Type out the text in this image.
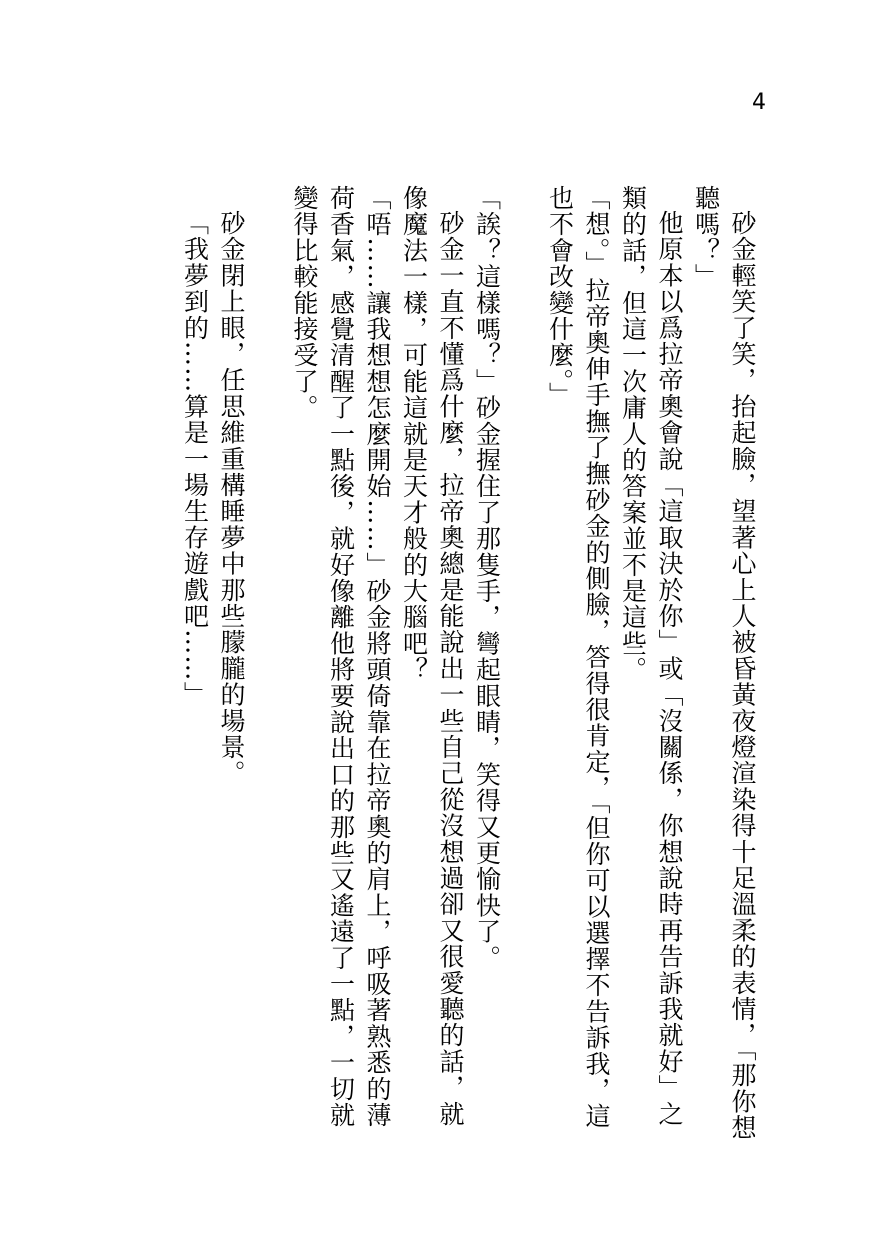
4

砂金輕笑了笑，抬起臉，望著心上人被昏黃夜燈渲染得十足溫柔的表情，「那你想聽嗎？」

他原本以爲拉帝奧會說「這取決於你」或「沒關係，你想說時再告訴我就好」之類的話，但這一次庸人的答案並不是這些。

「想。」拉帝奧伸手撫了撫砂金的側臉，答得很肯定，「但你可以選擇不告訴我，這也不會改變什麼。」

「誒？這樣嗎？」砂金握住了那隻手，彎起眼睛，笑得又更愉快了。

砂金一直不懂爲什麼，拉帝奧總是能說出一些自己從沒想過卻又很愛聽的話，就像魔法一樣，可能這就是天才般的大腦吧？

「唔……讓我想想怎麼開始……」砂金將頭倚靠在拉帝奧的肩上，呼吸著熟悉的薄荷香氣，感覺清醒了一點後，就好像離他將要說出口的那些又遙遠了一點，一切就變得比較能接受了。

砂金閉上眼，任思維重構睡夢中那些朦朧的場景。

「我夢到的……算是一場生存遊戲吧……」
